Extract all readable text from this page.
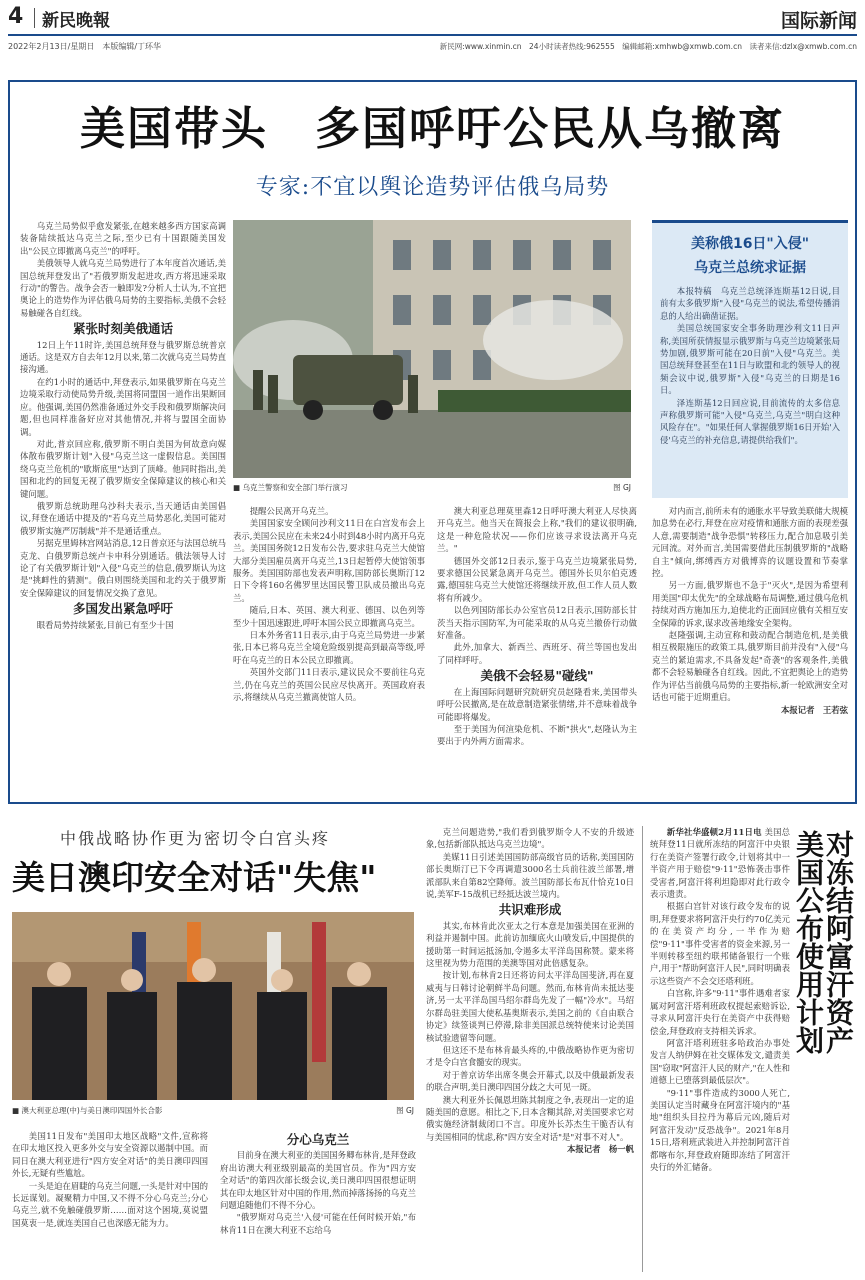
4 新民晚報	国际新闻
2022年2月13日/星期日　本版编辑/丁环华	新民网:www.xinmin.cn　24小时读者热线:962555　编辑邮箱:xmhwb@xmwb.com.cn　读者来信:dzlx@xmwb.com.cn
美国带头　多国呼吁公民从乌撤离
专家:不宜以舆论造势评估俄乌局势

乌克兰局势似乎愈发紧张,在越来越多西方国家高调装备陆续抵达乌克兰之际,至少已有十国跟随美国发出"公民立即撤离乌克兰"的呼吁。

美俄领导人就乌克兰局势进行了本年度首次通话,美国总统拜登发出了"若俄罗斯发起进攻,西方将迅速采取行动"的警告。战争会否一触即发?分析人士认为,不宜把奥论上的造势作为评估俄乌局势的主要指标,美俄不会轻易触碰各自红线。

紧张时刻美俄通话

12日上午11时许,美国总统拜登与俄罗斯总统普京通话。这是双方自去年12月以来,第二次就乌克兰局势直接沟通。

在约1小时的通话中,拜登表示,如果俄罗斯在乌克兰边境采取行动使局势升级,美国将同盟国一道作出果断回应。他强调,美国仍然准备通过外交手段和俄罗斯解决问题,但也同样准备好应对其他情况,并将与盟国全面协调。

对此,普京回应称,俄罗斯不明白美国为何故意向媒体散布俄罗斯计划"入侵"乌克兰这一虚假信息。美国围绕乌克兰危机的"歇斯底里"达到了顶峰。他同时指出,美国和北约的回复无视了俄罗斯安全保障建议的核心和关键问题。

俄罗斯总统助理乌沙科夫表示,当天通话由美国倡议,拜登在通话中提及的"若乌克兰局势恶化,美国可能对俄罗斯实施严厉制裁"并不是通话重点。

另据克里姆林宫网站消息,12日普京还与法国总统马克龙、白俄罗斯总统卢卡申科分别通话。俄法领导人讨论了有关俄罗斯计划"入侵"乌克兰的信息,俄罗斯认为这是"挑衅性的猜测"。俄白则围绕美国和北约关于俄罗斯安全保障建议的回复情况交换了意见。

多国发出紧急呼吁

眼看局势持续紧张,目前已有至少十国

■ 乌克兰警察和安全部门举行演习	图 GJ
美称俄16日"入侵"
乌克兰总统求证据

本报特稿　乌克兰总统泽连斯基12日说,目前有太多俄罗斯"入侵"乌克兰的说法,希望传播消息的人给出确凿证据。

美国总统国家安全事务助理沙利文11日声称,美国所获情报显示俄罗斯与乌克兰边境紧张局势加剧,俄罗斯可能在20日前"入侵"乌克兰。美国总统拜登甚至在11日与欧盟和北约领导人的视频会议中说,俄罗斯"入侵"乌克兰的日期是16日。

泽连斯基12日回应说,目前流传的太多信息声称俄罗斯可能"入侵"乌克兰,乌克兰"明白这种风险存在"。"如果任何人掌握俄罗斯16日开始'入侵'乌克兰的补充信息,请提供给我们"。

提醒公民离开乌克兰。

美国国家安全顾问沙利文11日在白宫发布会上表示,美国公民应在未来24小时到48小时内离开乌克兰。美国国务院12日发布公告,要求驻乌克兰大使馆大部分美国雇员离开乌克兰,13日起暂停大使馆领事服务。美国国防部也发表声明称,国防部长奥斯汀12日下令将160名佛罗里达国民警卫队成员撤出乌克兰。

随后,日本、英国、澳大利亚、德国、以色列等至少十国迅速跟进,呼吁本国公民立即撤离乌克兰。

日本外务省11日表示,由于乌克兰局势进一步紧张,日本已将乌克兰全境危险级别提高到最高等级,呼吁在乌克兰的日本公民立即撤离。

英国外交部门11日表示,建议民众不要前往乌克兰,仍在乌克兰的英国公民应尽快离开。英国政府表示,将继续从乌克兰撤离使馆人员。

澳大利亚总理莫里森12日呼吁澳大利亚人尽快离开乌克兰。他当天在简报会上称,"我们的建议很明确,这是一种危险状况——你们应该寻求设法离开乌克兰。"

德国外交部12日表示,鉴于乌克兰边境紧张局势,要求德国公民紧急离开乌克兰。德国外长贝尔伯克透露,德国驻乌克兰大使馆还将继续开放,但工作人员人数将有所减少。

以色列国防部长办公室官员12日表示,国防部长甘茨当天指示国防军,为可能采取的从乌克兰撤侨行动做好准备。

此外,加拿大、新西兰、西班牙、荷兰等国也发出了同样呼吁。

美俄不会轻易"碰线"

在上海国际问题研究院研究员赵隆看来,美国带头呼吁公民撤离,是在故意制造紧张情绪,并不意味着战争可能即将爆发。

至于美国为何渲染危机、不断"拱火",赵隆认为主要出于内外两方面需求。

对内而言,前所未有的通胀水平导致美联储大规模加息势在必行,拜登在应对疫情和通胀方面的表现差强人意,需要制造"战争恐惧"转移压力,配合加息吸引美元回流。对外而言,美国需要借此压制俄罗斯的"战略自主"倾向,绑缚西方对俄博弈的议题设置和节奏掌控。

另一方面,俄罗斯也不急于"灭火",是因为希望利用美国"印太优先"的全球战略布局调整,通过俄乌危机持续对西方施加压力,迫使北约正面回应俄有关相互安全保障的诉求,谋求改善地缘安全架构。

赵隆强调,主动宣称和鼓动配合制造危机,是美俄相互极限施压的政策工具,俄罗斯目前并没有"入侵"乌克兰的紧迫需求,不具备发起"奇袭"的客观条件,美俄都不会轻易触碰各自红线。因此,不宜把舆论上的造势作为评估当前俄乌局势的主要指标,新一轮欧洲安全对话也可能于近期重启。

本报记者　王若弦
中俄战略协作更为密切令白宫头疼
美日澳印安全对话"失焦"
■ 澳大利亚总理(中)与美日澳印四国外长合影	图 GJ

美国11日发布"美国印太地区战略"文件,宣称将在印太地区投入更多外交与安全资源以遏制中国。而同日在澳大利亚进行"四方安全对话"的美日澳印四国外长,无疑有些尴尬。

一头是迫在眉睫的乌克兰问题,一头是针对中国的长远谋划。凝聚精力中国,又不得不分心乌克兰;分心乌克兰,就不免触碰俄罗斯……面对这个困境,莫说盟国莫衷一是,就连美国自己也深感无能为力。

分心乌克兰

目前身在澳大利亚的美国国务卿布林肯,是拜登政府出访澳大利亚级别最高的美国官员。作为"四方安全对话"的第四次部长级会议,美日澳印四国很想证明其在印太地区针对中国的作用,然而掉落扬扬的乌克兰问题追随他们不得不分心。

"俄罗斯对乌克兰'入侵'可能在任何时候开始,"布林肯11日在澳大利亚不忘给乌

克兰问题造势,"我们看到俄罗斯令人不安的升级迹象,包括新部队抵达乌克兰边境"。

美媒11日引述美国国防部高级官员的话称,美国国防部长奥斯汀已下令再调遣3000名士兵前往波兰部署,增派部队来自第82空降师。波兰国防部长布瓦什恰克10日说,美军F-15战机已经抵达波兰境内。

共识难形成

其实,布林肯此次亚太之行本意是加强美国在亚洲的利益并遏制中国。此前访加缅底火山喷发后,中国提供的援助第一时间运抵汤加,令遏多太平洋岛国称赞。蒙来将这里视为势力范围的美澳等国对此倍感复杂。

按计划,布林肯2日还将访问太平洋岛国斐济,再在夏威夷与日韩讨论朝鲜半岛问题。然而,布林肯尚未抵达斐济,另一太平洋岛国马绍尔群岛先发了一幅"冷水"。马绍尔群岛驻美国大使私基奥斯表示,美国之前的《自由联合协定》续签谈判已停滞,除非美国派总统特使来讨论美国核试验遗留等问题。

但这还不是布林肯最头疼的,中俄战略协作更为密切才是令白宫食髓安的现实。

对于普京访华出席冬奥会开幕式,以及中俄最新发表的联合声明,美日澳印四国分歧之大可见一斑。

澳大利亚外长佩恩坦陈其制度之争,表现出一定的追随美国的意愿。相比之下,日本含糊其辞,对美国要求它对俄实施经济制裁闭口不言。印度外长苏杰生干脆否认有与美国相同的忧虑,称"四方安全对话"是"对事不对人"。

本报记者　杨一帆

新华社华盛顿2月11日电 美国总统拜登11日就所冻结的阿富汗中央银行在美资产签署行政令,计划将其中一半资产用于赔偿"9·11"恐怖袭击事件受害者,阿富汗将利坦隐即对此行政令表示遗责。

根据白宫针对该行政令发布的说明,拜登要求将阿富汗央行约70亿美元的在美资产均分,一半作为赔偿"9·11"事件受害者的资金来源,另一半则转移至纽约联邦储备银行一个账户,用于"帮助阿富汗人民",同时明确表示这些资产不会交还塔利班。

白宫称,许多"9·11"事件遇难者家属对阿富汗塔利班政权提起索赔诉讼,寻求从阿富汗央行在美资产中获得赔偿金,拜登政府支持相关诉求。

阿富汗塔利班驻多哈政治办事处发言人纳伊姆在社交媒体发文,谴责美国"窃取"阿富汗人民的财产,"在人性和道德上已堕落到最低层次"。

"9·11"事件造成约3000人死亡,美国认定当时藏身在阿富汗境内的"基地"组织头目拉丹为幕后元凶,随后对阿富汗发动"反恐战争"。2021年8月15日,塔利班武装进入并控制阿富汗首都喀布尔,拜登政府随即冻结了阿富汗央行的外汇储备。

对冻结阿富汗资产
美国公布使用计划
